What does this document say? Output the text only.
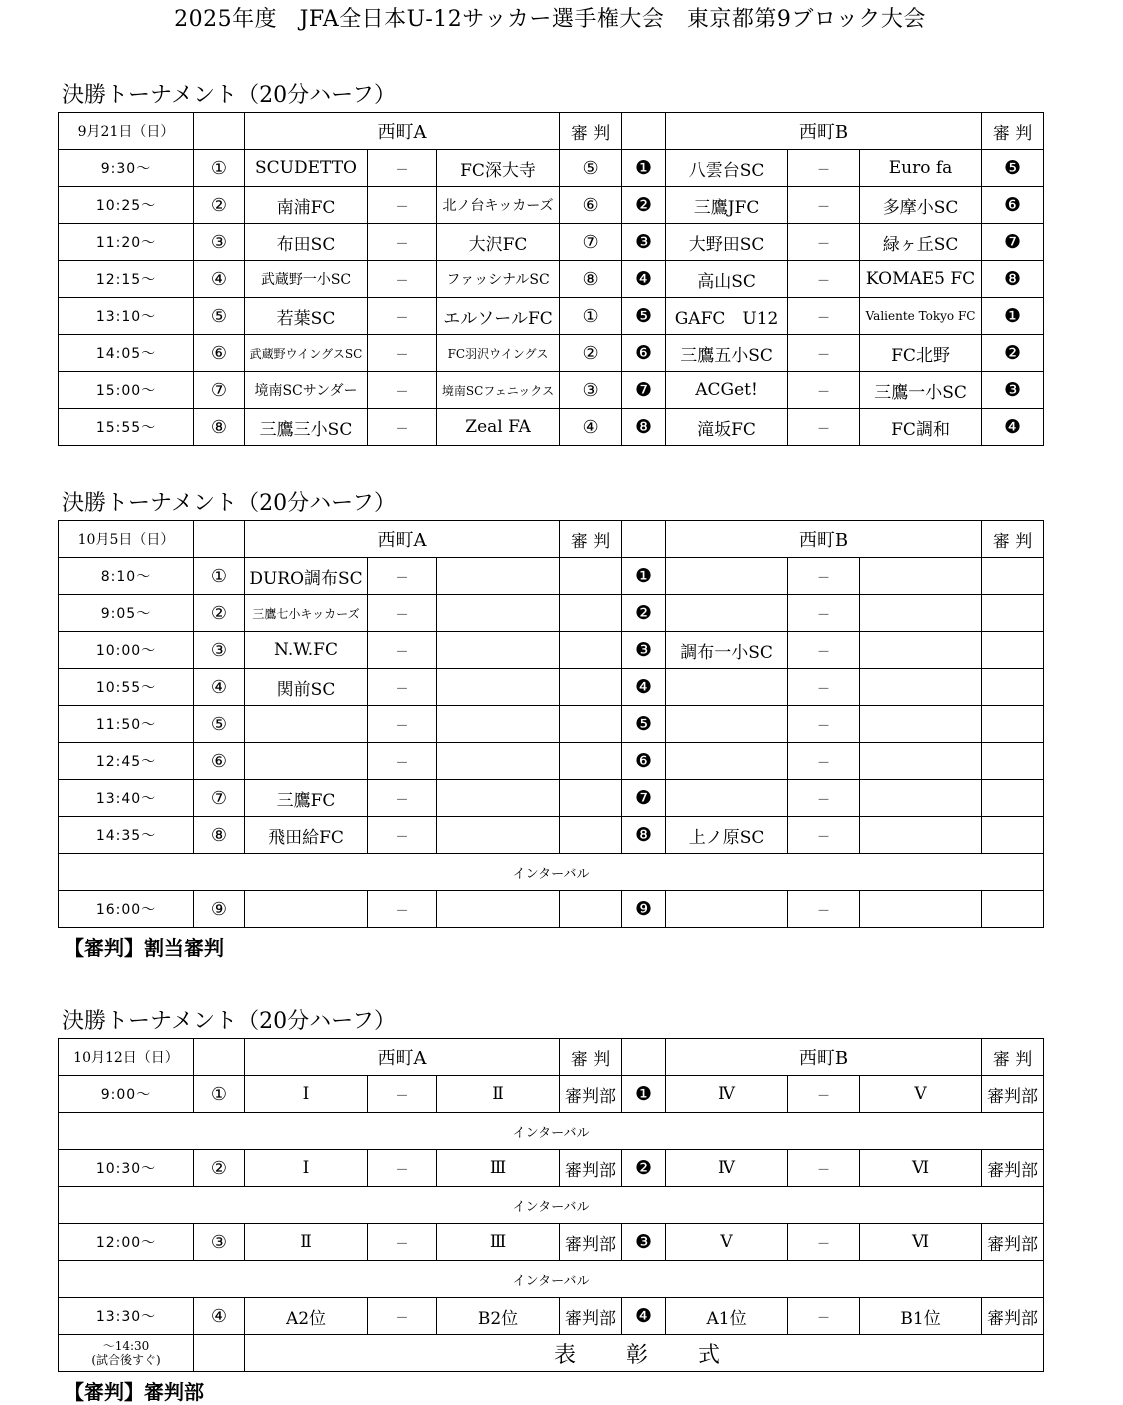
2025年度　JFA全日本U-12サッカー選手権大会　東京都第9ブロック大会
決勝トーナメント（20分ハーフ）
9月21日（日）		西町A			審 判		西町B			審 判
9:30～	①	SCUDETTO	－	FC深大寺	⑤	❶	八雲台SC	－	Euro fa	❺
10:25～	②	南浦FC	－	北ノ台キッカーズ	⑥	❷	三鷹JFC	－	多摩小SC	❻
11:20～	③	布田SC	－	大沢FC	⑦	❸	大野田SC	－	緑ヶ丘SC	❼
12:15～	④	武蔵野一小SC	－	ファッシナルSC	⑧	❹	高山SC	－	KOMAE5 FC	❽
13:10～	⑤	若葉SC	－	エルソールFC	①	❺	GAFC　U12	－	Valiente Tokyo FC	❶
14:05～	⑥	武蔵野ウイングスSC	－	FC羽沢ウイングス	②	❻	三鷹五小SC	－	FC北野	❷
15:00～	⑦	境南SCサンダー	－	境南SCフェニックス	③	❼	ACGet!	－	三鷹一小SC	❸
15:55～	⑧	三鷹三小SC	－	Zeal FA	④	❽	滝坂FC	－	FC調和	❹
決勝トーナメント（20分ハーフ）
10月5日（日）		西町A			審 判		西町B			審 判
8:10～	①	DURO調布SC	－			❶		－		
9:05～	②	三鷹七小キッカーズ	－			❷		－		
10:00～	③	N.W.FC	－			❸	調布一小SC	－		
10:55～	④	関前SC	－			❹		－		
11:50～	⑤		－			❺		－		
12:45～	⑥		－			❻		－		
13:40～	⑦	三鷹FC	－			❼		－		
14:35～	⑧	飛田給FC	－			❽	上ノ原SC	－		
インターバル										
16:00～	⑨		－			❾		－		
【審判】割当審判
決勝トーナメント（20分ハーフ）
10月12日（日）		西町A			審 判		西町B			審 判
9:00～	①	Ⅰ	－	Ⅱ	審判部	❶	Ⅳ	－	Ⅴ	審判部
インターバル										
10:30～	②	Ⅰ	－	Ⅲ	審判部	❷	Ⅳ	－	Ⅵ	審判部
インターバル										
12:00～	③	Ⅱ	－	Ⅲ	審判部	❸	Ⅴ	－	Ⅵ	審判部
インターバル										
13:30～	④	A2位	－	B2位	審判部	❹	A1位	－	B1位	審判部

～14:30
(試合後すぐ)		表　彰　式								
【審判】審判部
